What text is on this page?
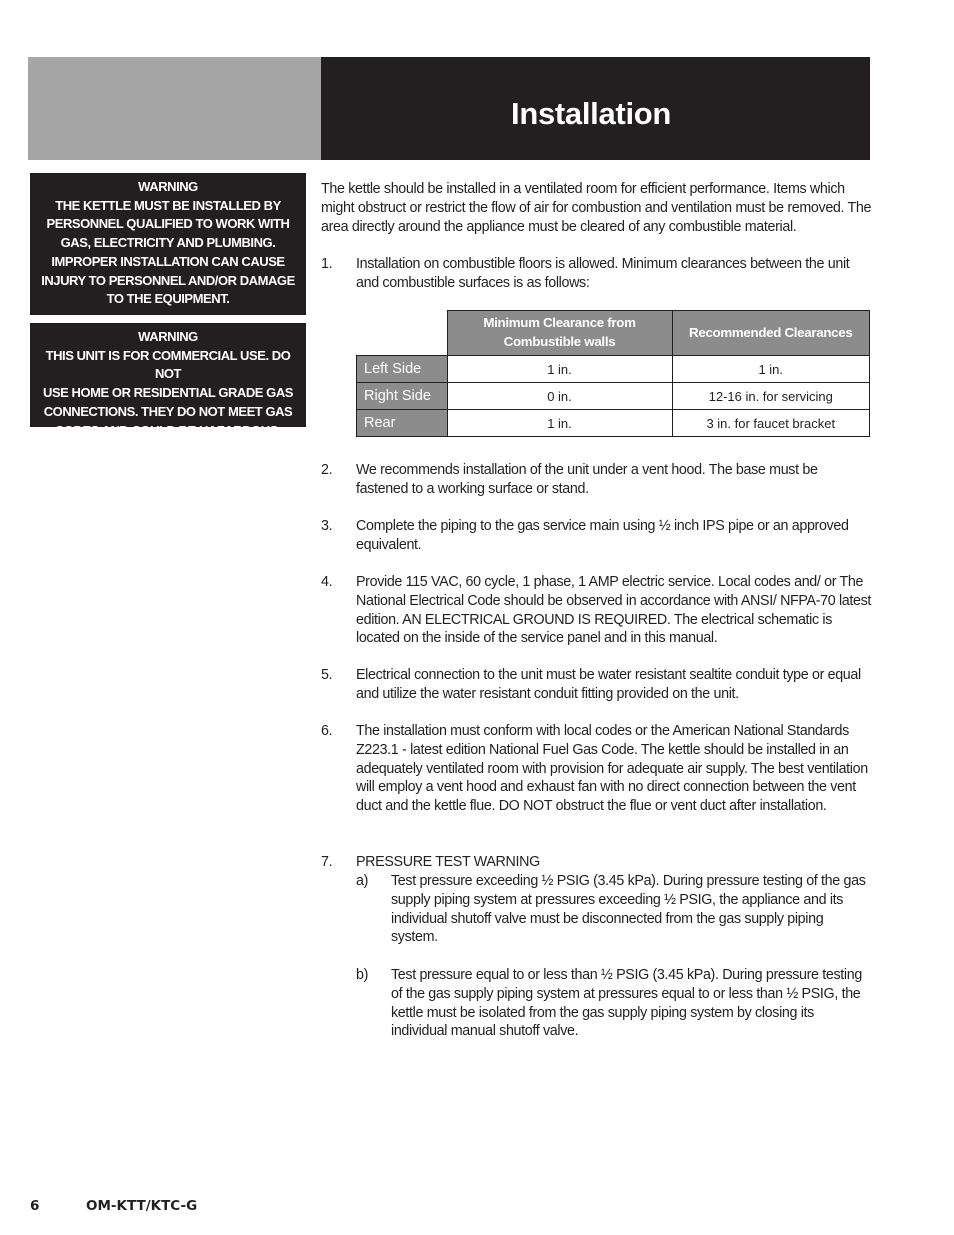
Installation
WARNING
THE KETTLE MUST BE INSTALLED BY
PERSONNEL QUALIFIED TO WORK WITH
GAS, ELECTRICITY AND PLUMBING.
IMPROPER INSTALLATION CAN CAUSE
INJURY TO PERSONNEL AND/OR DAMAGE
TO THE EQUIPMENT.
WARNING
THIS UNIT IS FOR COMMERCIAL USE. DO NOT
USE HOME OR RESIDENTIAL GRADE GAS
CONNECTIONS. THEY DO NOT MEET GAS
CODES AND COULD BE HAZARDOUS.

The kettle should be installed in a ventilated room for efficient performance. Items which might obstruct or restrict the flow of air for combustion and ventilation must be removed. The area directly around the appliance must be cleared of any combustible material.

1. Installation on combustible floors is allowed. Minimum clearances between the unit and combustible surfaces is as follows:
	Minimum Clearance from Combustible walls	Recommended Clearances
Left Side	1 in.	1 in.
Right Side	0 in.	12-16 in. for servicing
Rear	1 in.	3 in. for faucet bracket
2. We recommends installation of the unit under a vent hood. The base must be fastened to a working surface or stand.
3. Complete the piping to the gas service main using ½ inch IPS pipe or an approved equivalent.
4. Provide 115 VAC, 60 cycle, 1 phase, 1 AMP electric service. Local codes and/ or The National Electrical Code should be observed in accordance with ANSI/ NFPA-70 latest edition. AN ELECTRICAL GROUND IS REQUIRED. The electrical schematic is located on the inside of the service panel and in this manual.
5. Electrical connection to the unit must be water resistant sealtite conduit type or equal and utilize the water resistant conduit fitting provided on the unit.
6. The installation must conform with local codes or the American National Standards Z223.1 - latest edition National Fuel Gas Code. The kettle should be installed in an adequately ventilated room with provision for adequate air supply. The best ventilation will employ a vent hood and exhaust fan with no direct connection between the vent duct and the kettle flue. DO NOT obstruct the flue or vent duct after installation.
7. PRESSURE TEST WARNING
a) Test pressure exceeding ½ PSIG (3.45 kPa). During pressure testing of the gas supply piping system at pressures exceeding ½ PSIG, the appliance and its individual shutoff valve must be disconnected from the gas supply piping system.
b) Test pressure equal to or less than ½ PSIG (3.45 kPa). During pressure testing of the gas supply piping system at pressures equal to or less than ½ PSIG, the kettle must be isolated from the gas supply piping system by closing its individual manual shutoff valve.
6	OM-KTT/KTC-G
